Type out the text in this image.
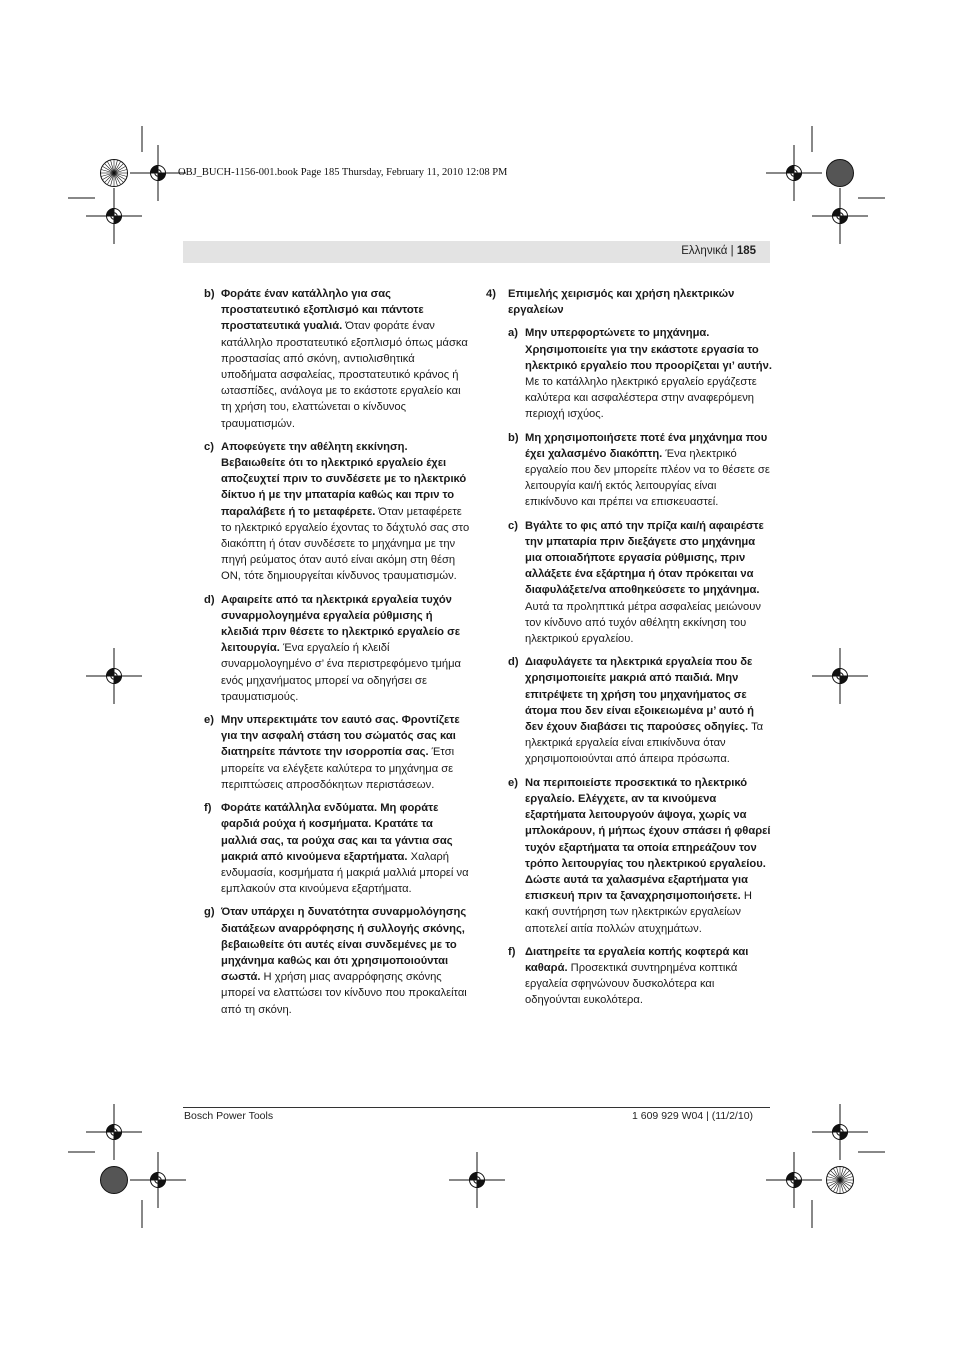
OBJ_BUCH-1156-001.book Page 185 Thursday, February 11, 2010 12:08 PM
Ελληνικά | 185
b) Φοράτε έναν κατάλληλο για σας προστατευτικό εξοπλισμό και πάντοτε προστατευτικά γυαλιά. Όταν φοράτε έναν κατάλληλο προστατευτικό εξοπλισμό όπως μάσκα προστασίας από σκόνη, αντιολισθητικά υποδήματα ασφαλείας, προστατευτικό κράνος ή ωτασπίδες, ανάλογα με το εκάστοτε εργαλείο και τη χρήση του, ελαττώνεται ο κίνδυνος τραυματισμών.
c) Αποφεύγετε την αθέλητη εκκίνηση. Βεβαιωθείτε ότι το ηλεκτρικό εργαλείο έχει αποζευχτεί πριν το συνδέσετε με το ηλεκτρικό δίκτυο ή με την μπαταρία καθώς και πριν το παραλάβετε ή το μεταφέρετε. Όταν μεταφέρετε το ηλεκτρικό εργαλείο έχοντας το δάχτυλό σας στο διακόπτη ή όταν συνδέσετε το μηχάνημα με την πηγή ρεύματος όταν αυτό είναι ακόμη στη θέση ON, τότε δημιουργείται κίνδυνος τραυματισμών.
d) Αφαιρείτε από τα ηλεκτρικά εργαλεία τυχόν συναρμολογημένα εργαλεία ρύθμισης ή κλειδιά πριν θέσετε το ηλεκτρικό εργαλείο σε λειτουργία. Ένα εργαλείο ή κλειδί συναρμολογημένο σ’ ένα περιστρεφόμενο τμήμα ενός μηχανήματος μπορεί να οδηγήσει σε τραυματισμούς.
e) Μην υπερεκτιμάτε τον εαυτό σας. Φροντίζετε για την ασφαλή στάση του σώματός σας και διατηρείτε πάντοτε την ισορροπία σας. Έτσι μπορείτε να ελέγξετε καλύτερα το μηχάνημα σε περιπτώσεις απροσδόκητων περιστάσεων.
f) Φοράτε κατάλληλα ενδύματα. Μη φοράτε φαρδιά ρούχα ή κοσμήματα. Κρατάτε τα μαλλιά σας, τα ρούχα σας και τα γάντια σας μακριά από κινούμενα εξαρτήματα. Χαλαρή ενδυμασία, κοσμήματα ή μακριά μαλλιά μπορεί να εμπλακούν στα κινούμενα εξαρτήματα.
g) Όταν υπάρχει η δυνατότητα συναρμολόγησης διατάξεων αναρρόφησης ή συλλογής σκόνης, βεβαιωθείτε ότι αυτές είναι συνδεμένες με το μηχάνημα καθώς και ότι χρησιμοποιούνται σωστά. Η χρήση μιας αναρρόφησης σκόνης μπορεί να ελαττώσει τον κίνδυνο που προκαλείται από τη σκόνη.
4)	Επιμελής χειρισμός και χρήση ηλεκτρικών εργαλείων
a) Μην υπερφορτώνετε το μηχάνημα. Χρησιμοποιείτε για την εκάστοτε εργασία το ηλεκτρικό εργαλείο που προορίζεται γι’ αυτήν. Με το κατάλληλο ηλεκτρικό εργαλείο εργάζεστε καλύτερα και ασφαλέστερα στην αναφερόμενη περιοχή ισχύος.
b) Μη χρησιμοποιήσετε ποτέ ένα μηχάνημα που έχει χαλασμένο διακόπτη. Ένα ηλεκτρικό εργαλείο που δεν μπορείτε πλέον να το θέσετε σε λειτουργία και/ή εκτός λειτουργίας είναι επικίνδυνο και πρέπει να επισκευαστεί.
c) Βγάλτε το φις από την πρίζα και/ή αφαιρέστε την μπαταρία πριν διεξάγετε στο μηχάνημα μια οποιαδήποτε εργασία ρύθμισης, πριν αλλάξετε ένα εξάρτημα ή όταν πρόκειται να διαφυλάξετε/να αποθηκεύσετε το μηχάνημα. Αυτά τα προληπτικά μέτρα ασφαλείας μειώνουν τον κίνδυνο από τυχόν αθέλητη εκκίνηση του ηλεκτρικού εργαλείου.
d) Διαφυλάγετε τα ηλεκτρικά εργαλεία που δε χρησιμοποιείτε μακριά από παιδιά. Μην επιτρέψετε τη χρήση του μηχανήματος σε άτομα που δεν είναι εξοικειωμένα μ’ αυτό ή δεν έχουν διαβάσει τις παρούσες οδηγίες. Τα ηλεκτρικά εργαλεία είναι επικίνδυνα όταν χρησιμοποιούνται από άπειρα πρόσωπα.
e) Να περιποιείστε προσεκτικά το ηλεκτρικό εργαλείο. Ελέγχετε, αν τα κινούμενα εξαρτήματα λειτουργούν άψογα, χωρίς να μπλοκάρουν, ή μήπως έχουν σπάσει ή φθαρεί τυχόν εξαρτήματα τα οποία επηρεάζουν τον τρόπο λειτουργίας του ηλεκτρικού εργαλείου. Δώστε αυτά τα χαλασμένα εξαρτήματα για επισκευή πριν τα ξαναχρησιμοποιήσετε. Η κακή συντήρηση των ηλεκτρικών εργαλείων αποτελεί αιτία πολλών ατυχημάτων.
f) Διατηρείτε τα εργαλεία κοπής κοφτερά και καθαρά. Προσεκτικά συντηρημένα κοπτικά εργαλεία σφηνώνουν δυσκολότερα και οδηγούνται ευκολότερα.
Bosch Power Tools	1 609 929 W04 | (11/2/10)
